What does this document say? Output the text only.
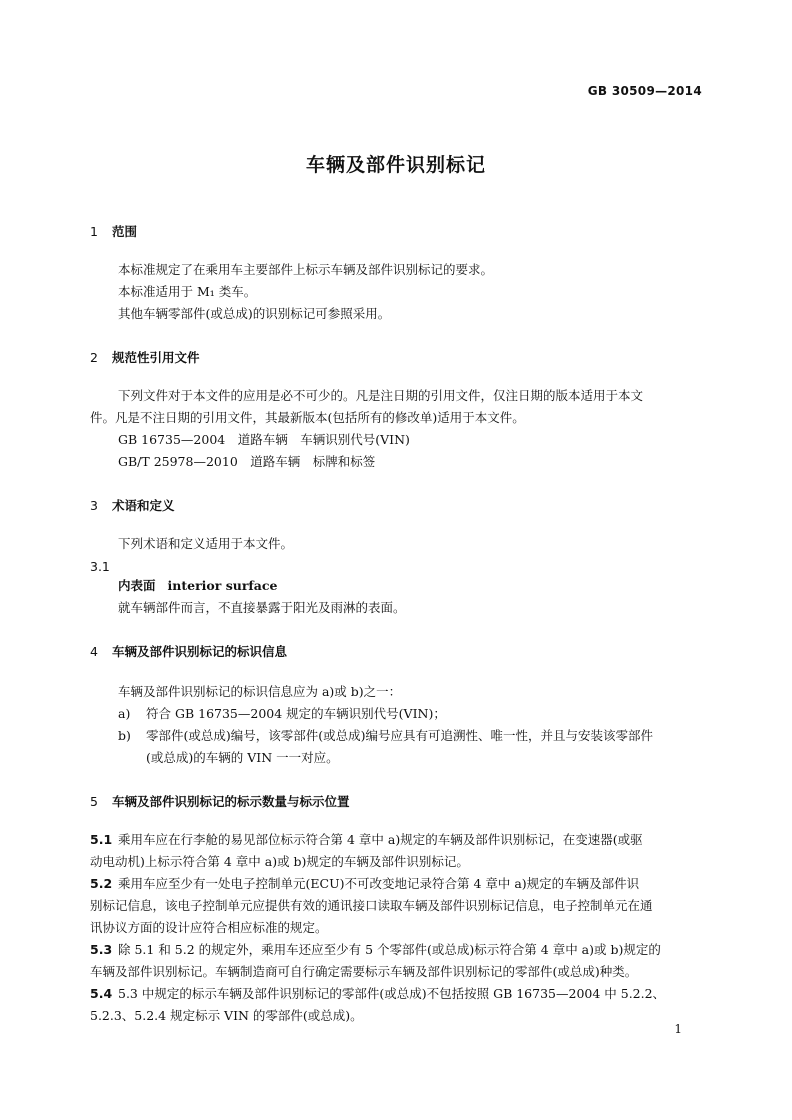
GB 30509—2014
车辆及部件识别标记
1 范围
本标准规定了在乘用车主要部件上标示车辆及部件识别标记的要求。
本标准适用于 M₁ 类车。
其他车辆零部件(或总成)的识别标记可参照采用。
2 规范性引用文件
下列文件对于本文件的应用是必不可少的。凡是注日期的引用文件，仅注日期的版本适用于本文
件。凡是不注日期的引用文件，其最新版本(包括所有的修改单)适用于本文件。
GB 16735—2004　道路车辆　车辆识别代号(VIN)
GB/T 25978—2010　道路车辆　标牌和标签
3 术语和定义
下列术语和定义适用于本文件。
3.1
内表面 interior surface
就车辆部件而言，不直接暴露于阳光及雨淋的表面。
4 车辆及部件识别标记的标识信息
车辆及部件识别标记的标识信息应为 a)或 b)之一：
a) 符合 GB 16735—2004 规定的车辆识别代号(VIN)；
b) 零部件(或总成)编号，该零部件(或总成)编号应具有可追溯性、唯一性，并且与安装该零部件
(或总成)的车辆的 VIN 一一对应。
5 车辆及部件识别标记的标示数量与标示位置
5.1 乘用车应在行李舱的易见部位标示符合第 4 章中 a)规定的车辆及部件识别标记，在变速器(或驱
动电动机)上标示符合第 4 章中 a)或 b)规定的车辆及部件识别标记。
5.2 乘用车应至少有一处电子控制单元(ECU)不可改变地记录符合第 4 章中 a)规定的车辆及部件识
别标记信息，该电子控制单元应提供有效的通讯接口读取车辆及部件识别标记信息，电子控制单元在通
讯协议方面的设计应符合相应标准的规定。
5.3 除 5.1 和 5.2 的规定外，乘用车还应至少有 5 个零部件(或总成)标示符合第 4 章中 a)或 b)规定的
车辆及部件识别标记。车辆制造商可自行确定需要标示车辆及部件识别标记的零部件(或总成)种类。
5.4 5.3 中规定的标示车辆及部件识别标记的零部件(或总成)不包括按照 GB 16735—2004 中 5.2.2、
5.2.3、5.2.4 规定标示 VIN 的零部件(或总成)。
1
